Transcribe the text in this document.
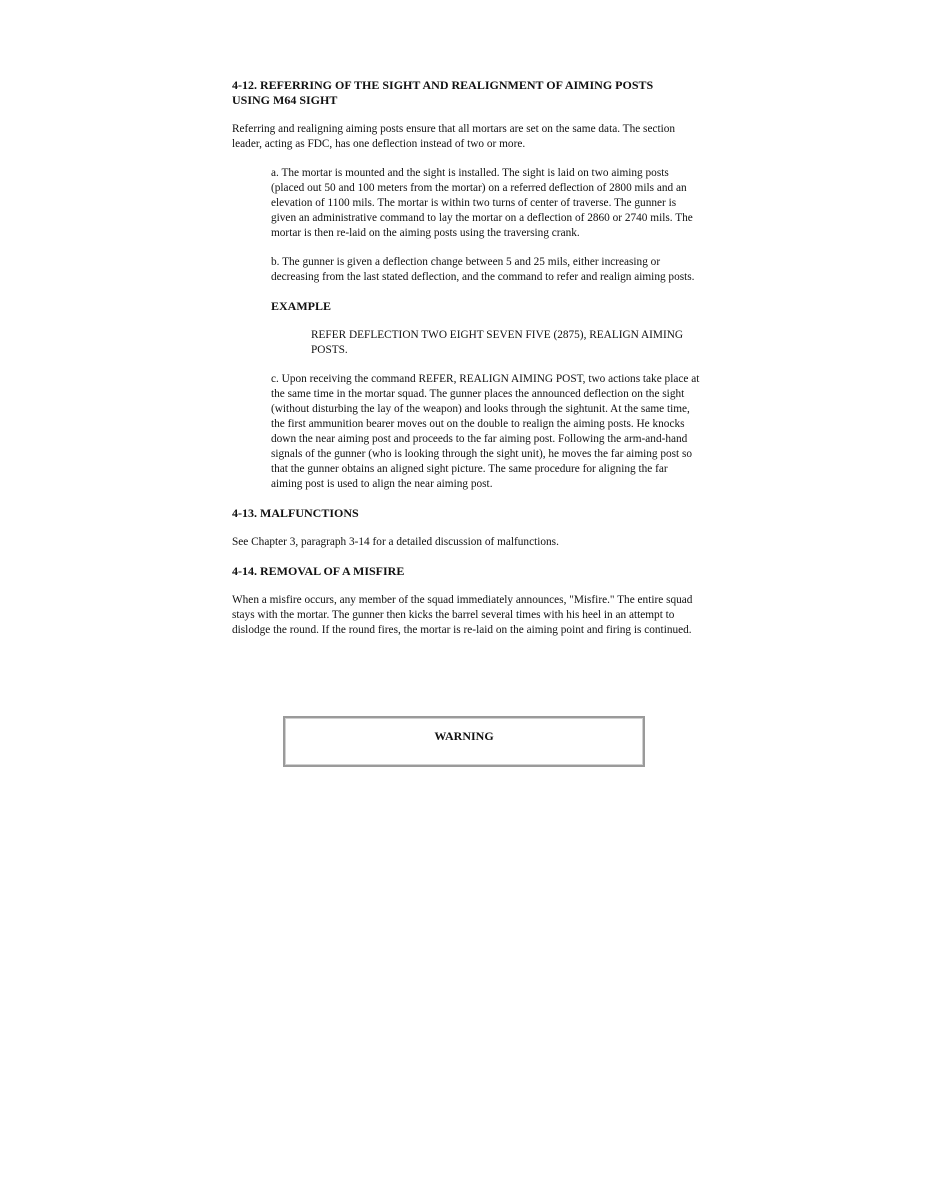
4-12. REFERRING OF THE SIGHT AND REALIGNMENT OF AIMING POSTS

USING M64 SIGHT

Referring and realigning aiming posts ensure that all mortars are set on the same data. The section leader, acting as FDC, has one deflection instead of two or more.

a. The mortar is mounted and the sight is installed. The sight is laid on two aiming posts (placed out 50 and 100 meters from the mortar) on a referred deflection of 2800 mils and an elevation of 1100 mils. The mortar is within two turns of center of traverse. The gunner is given an administrative command to lay the mortar on a deflection of 2860 or 2740 mils. The mortar is then re-laid on the aiming posts using the traversing crank.

b. The gunner is given a deflection change between 5 and 25 mils, either increasing or decreasing from the last stated deflection, and the command to refer and realign aiming posts.

EXAMPLE

REFER DEFLECTION TWO EIGHT SEVEN FIVE (2875), REALIGN AIMING POSTS.

c. Upon receiving the command REFER, REALIGN AIMING POST, two actions take place at the same time in the mortar squad. The gunner places the announced deflection on the sight (without disturbing the lay of the weapon) and looks through the sightunit. At the same time, the first ammunition bearer moves out on the double to realign the aiming posts. He knocks down the near aiming post and proceeds to the far aiming post. Following the arm-and-hand signals of the gunner (who is looking through the sight unit), he moves the far aiming post so that the gunner obtains an aligned sight picture. The same procedure for aligning the far aiming post is used to align the near aiming post.

4-13. MALFUNCTIONS

See Chapter 3, paragraph 3-14 for a detailed discussion of malfunctions.

4-14. REMOVAL OF A MISFIRE

When a misfire occurs, any member of the squad immediately announces, "Misfire." The entire squad stays with the mortar. The gunner then kicks the barrel several times with his heel in an attempt to dislodge the round. If the round fires, the mortar is re-laid on the aiming point and firing is continued.

WARNING
